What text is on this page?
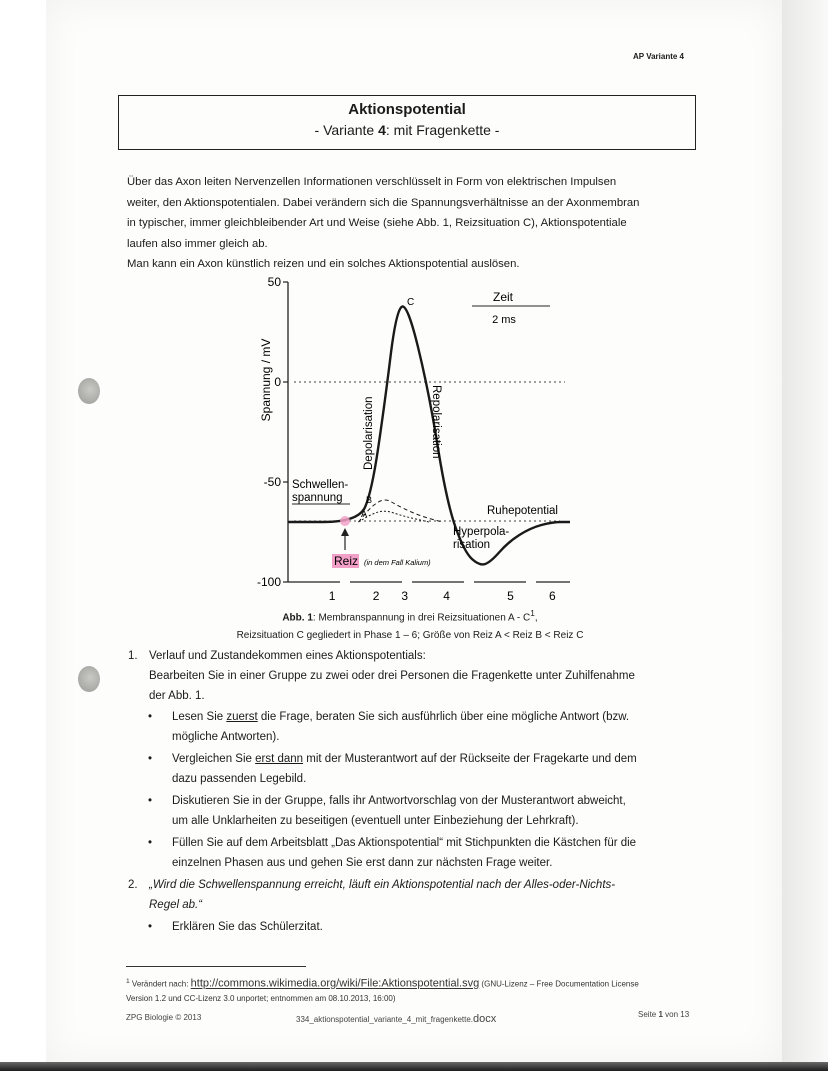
AP Variante 4
Aktionspotential
- Variante 4: mit Fragenkette -
Über das Axon leiten Nervenzellen Informationen verschlüsselt in Form von elektrischen Impulsen
weiter, den Aktionspotentialen. Dabei verändern sich die Spannungsverhältnisse an der Axonmembran
in typischer, immer gleichbleibender Art und Weise (siehe Abb. 1, Reizsituation C), Aktionspotentiale
laufen also immer gleich ab.
Man kann ein Axon künstlich reizen und ein solches Aktionspotential auslösen.
50
0
-50
-100
Spannung / mV
1	2 3	4	5	6
Zeit
2 ms
C
B
A
Depolarisation	Repolarisation
Schwellen-
spannung
Ruhepotential
Hyperpola-
risation
Reiz (in dem Fall Kalium)
Abb. 1: Membranspannung in drei Reizsituationen A - $C^1$,
Reizsituation C gegliedert in Phase 1 – 6; Größe von Reiz A < Reiz B < Reiz C
1. Verlauf und Zustandekommen eines Aktionspotentials:
Bearbeiten Sie in einer Gruppe zu zwei oder drei Personen die Fragenkette unter Zuhilfenahme
der Abb. 1.
• Lesen Sie zuerst die Frage, beraten Sie sich ausführlich über eine mögliche Antwort (bzw.
mögliche Antworten).
• Vergleichen Sie erst dann mit der Musterantwort auf der Rückseite der Fragekarte und dem
dazu passenden Legebild.
• Diskutieren Sie in der Gruppe, falls ihr Antwortvorschlag von der Musterantwort abweicht,
um alle Unklarheiten zu beseitigen (eventuell unter Einbeziehung der Lehrkraft).
• Füllen Sie auf dem Arbeitsblatt „Das Aktionspotential“ mit Stichpunkten die Kästchen für die
einzelnen Phasen aus und gehen Sie erst dann zur nächsten Frage weiter.
2. „Wird die Schwellenspannung erreicht, läuft ein Aktionspotential nach der Alles-oder-Nichts-
Regel ab.“
• Erklären Sie das Schülerzitat.
$^1$ Verändert nach: http://commons.wikimedia.org/wiki/File:Aktionspotential.svg (GNU-Lizenz – Free Documentation License
Version 1.2 und CC-Lizenz 3.0 unportet; entnommen am 08.10.2013, 16:00)
ZPG Biologie © 2013	334_aktionspotential_variante_4_mit_fragenkette.docx	Seite 1 von 13
